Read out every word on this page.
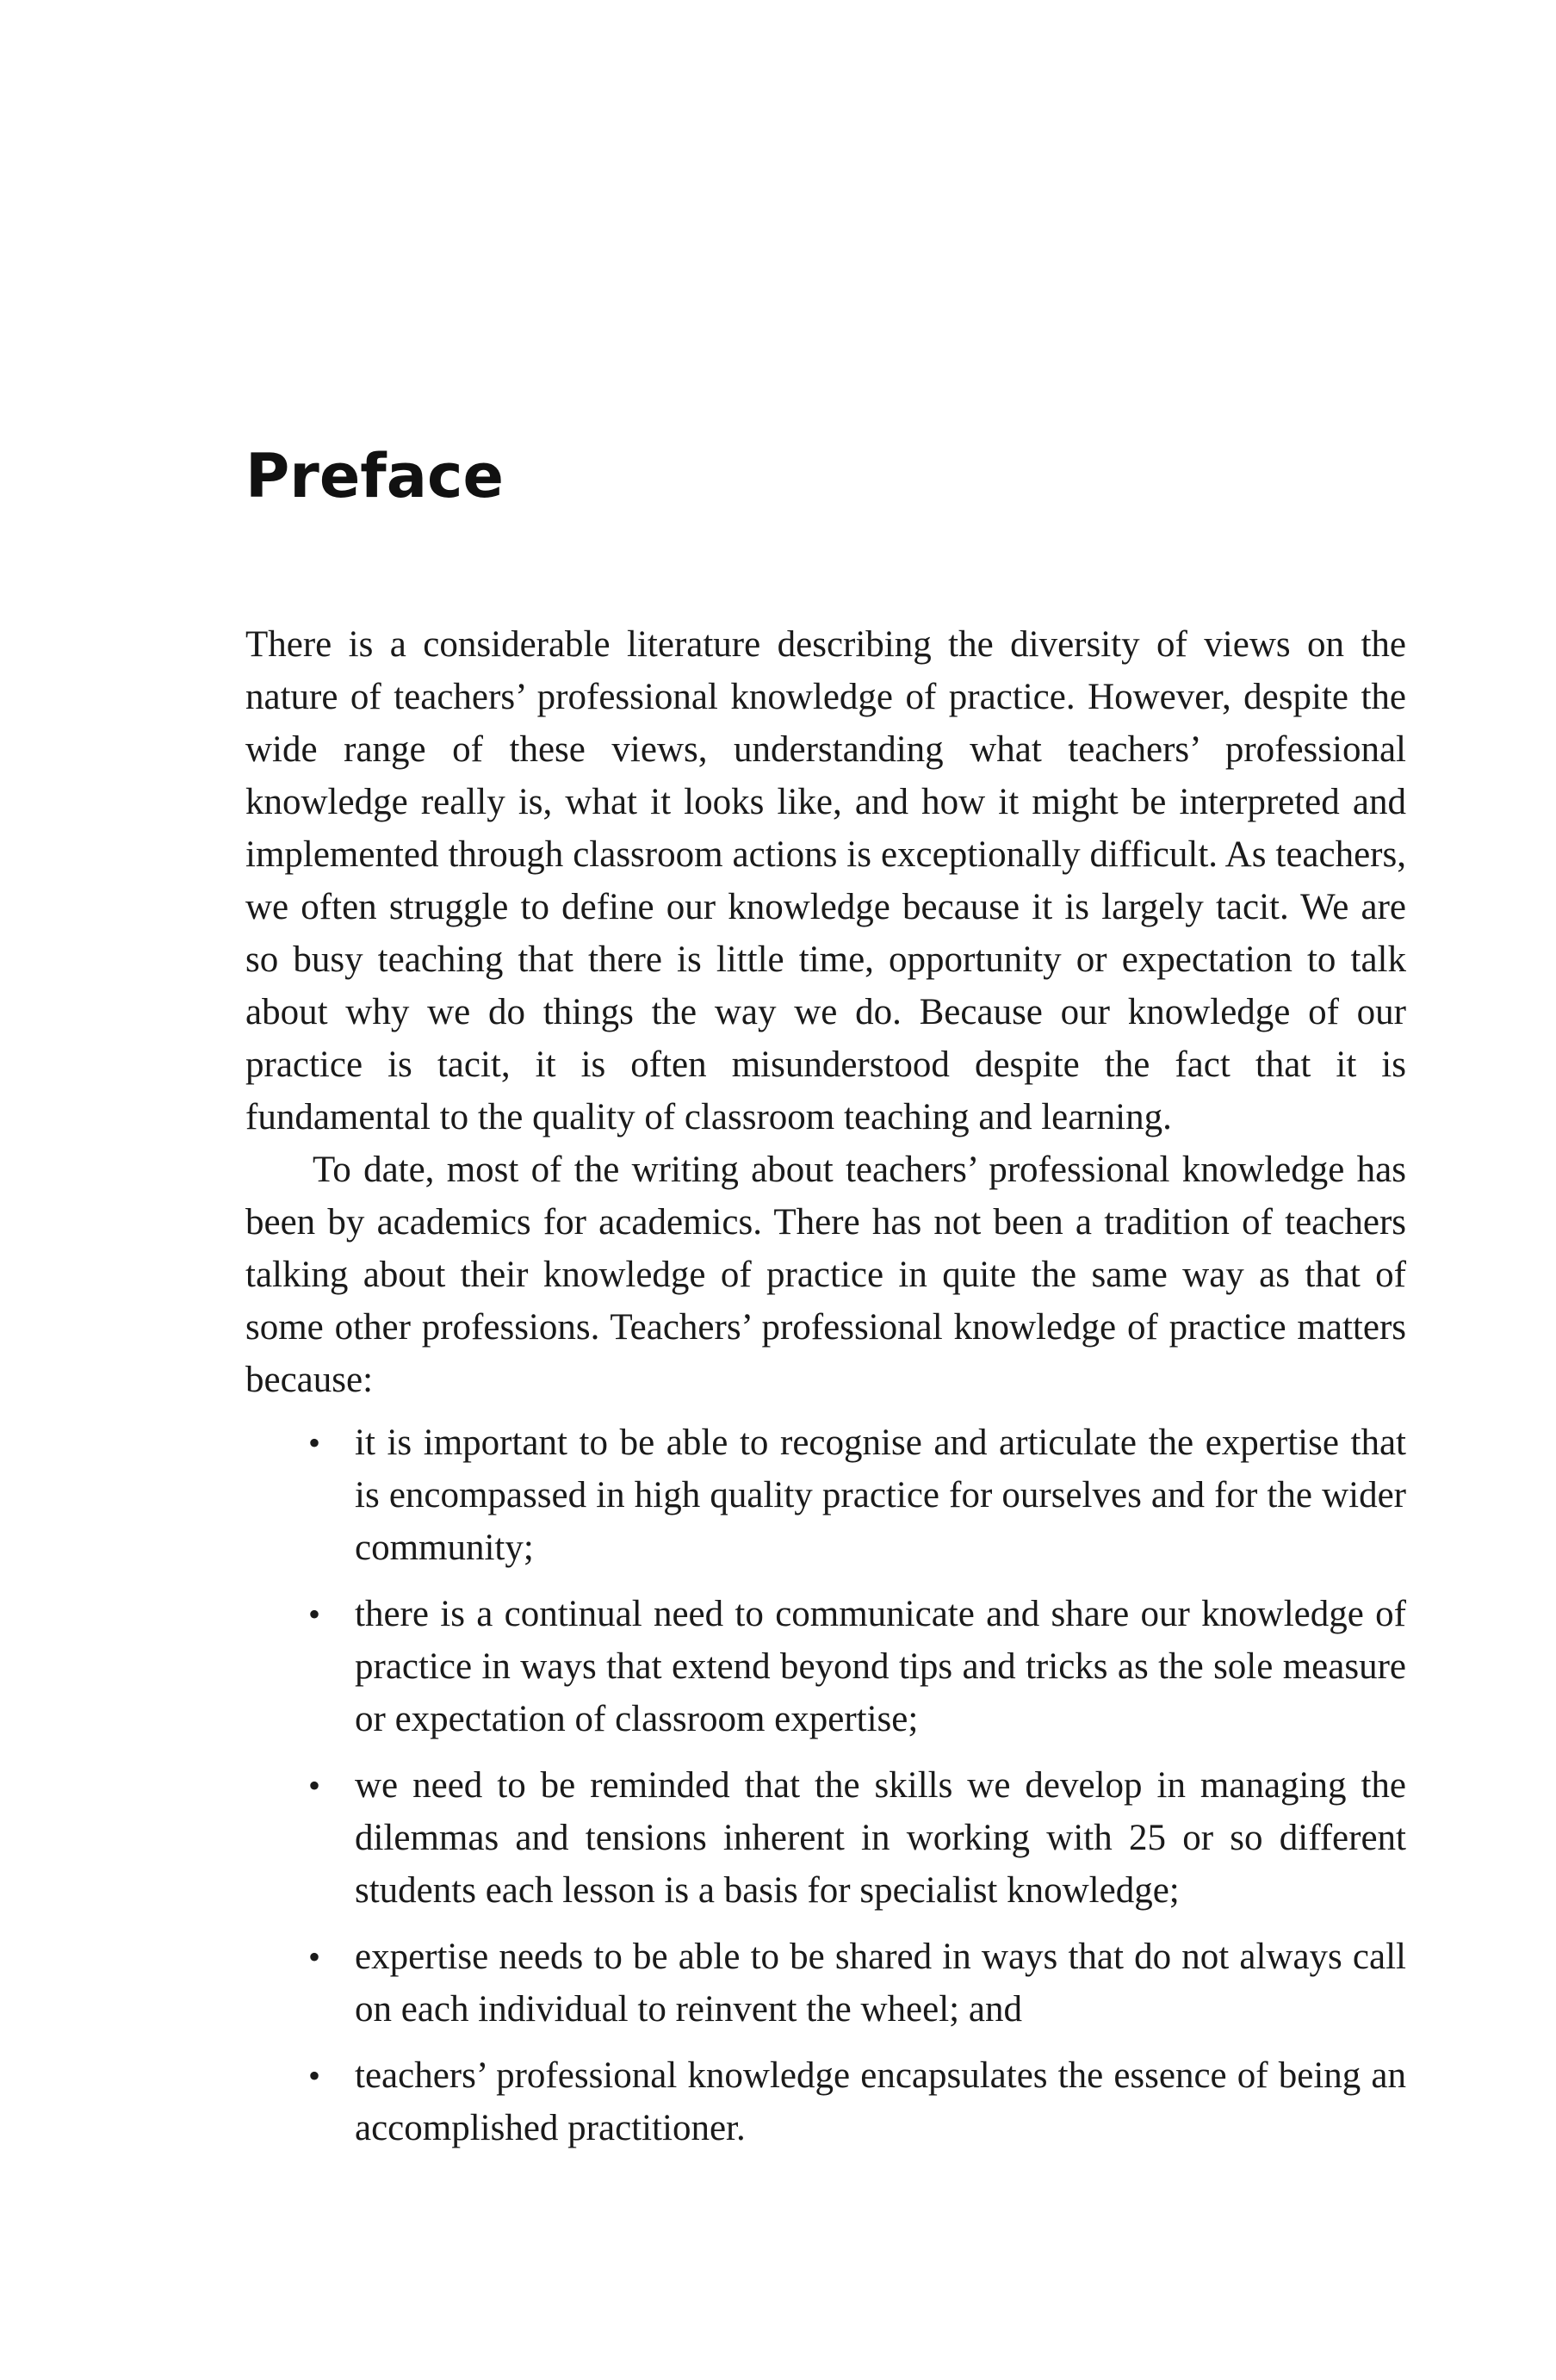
Preface

There is a considerable literature describing the diversity of views on the nature of teachers’ professional knowledge of practice. However, despite the wide range of these views, understanding what teachers’ professional knowledge really is, what it looks like, and how it might be interpreted and implemented through classroom actions is exceptionally difficult. As teachers, we often struggle to define our knowledge because it is largely tacit. We are so busy teaching that there is little time, opportunity or expectation to talk about why we do things the way we do. Because our knowledge of our practice is tacit, it is often misunderstood despite the fact that it is fundamental to the quality of classroom teaching and learning.

To date, most of the writing about teachers’ professional knowledge has been by academics for academics. There has not been a tradition of teachers talking about their knowledge of practice in quite the same way as that of some other professions. Teachers’ professional knowledge of practice matters because:

• it is important to be able to recognise and articulate the expertise that is encompassed in high quality practice for ourselves and for the wider community;
• there is a continual need to communicate and share our knowledge of practice in ways that extend beyond tips and tricks as the sole measure or expectation of classroom expertise;
• we need to be reminded that the skills we develop in managing the dilemmas and tensions inherent in working with 25 or so different students each lesson is a basis for specialist knowledge;
• expertise needs to be able to be shared in ways that do not always call on each individual to reinvent the wheel; and
• teachers’ professional knowledge encapsulates the essence of being an accomplished practitioner.
